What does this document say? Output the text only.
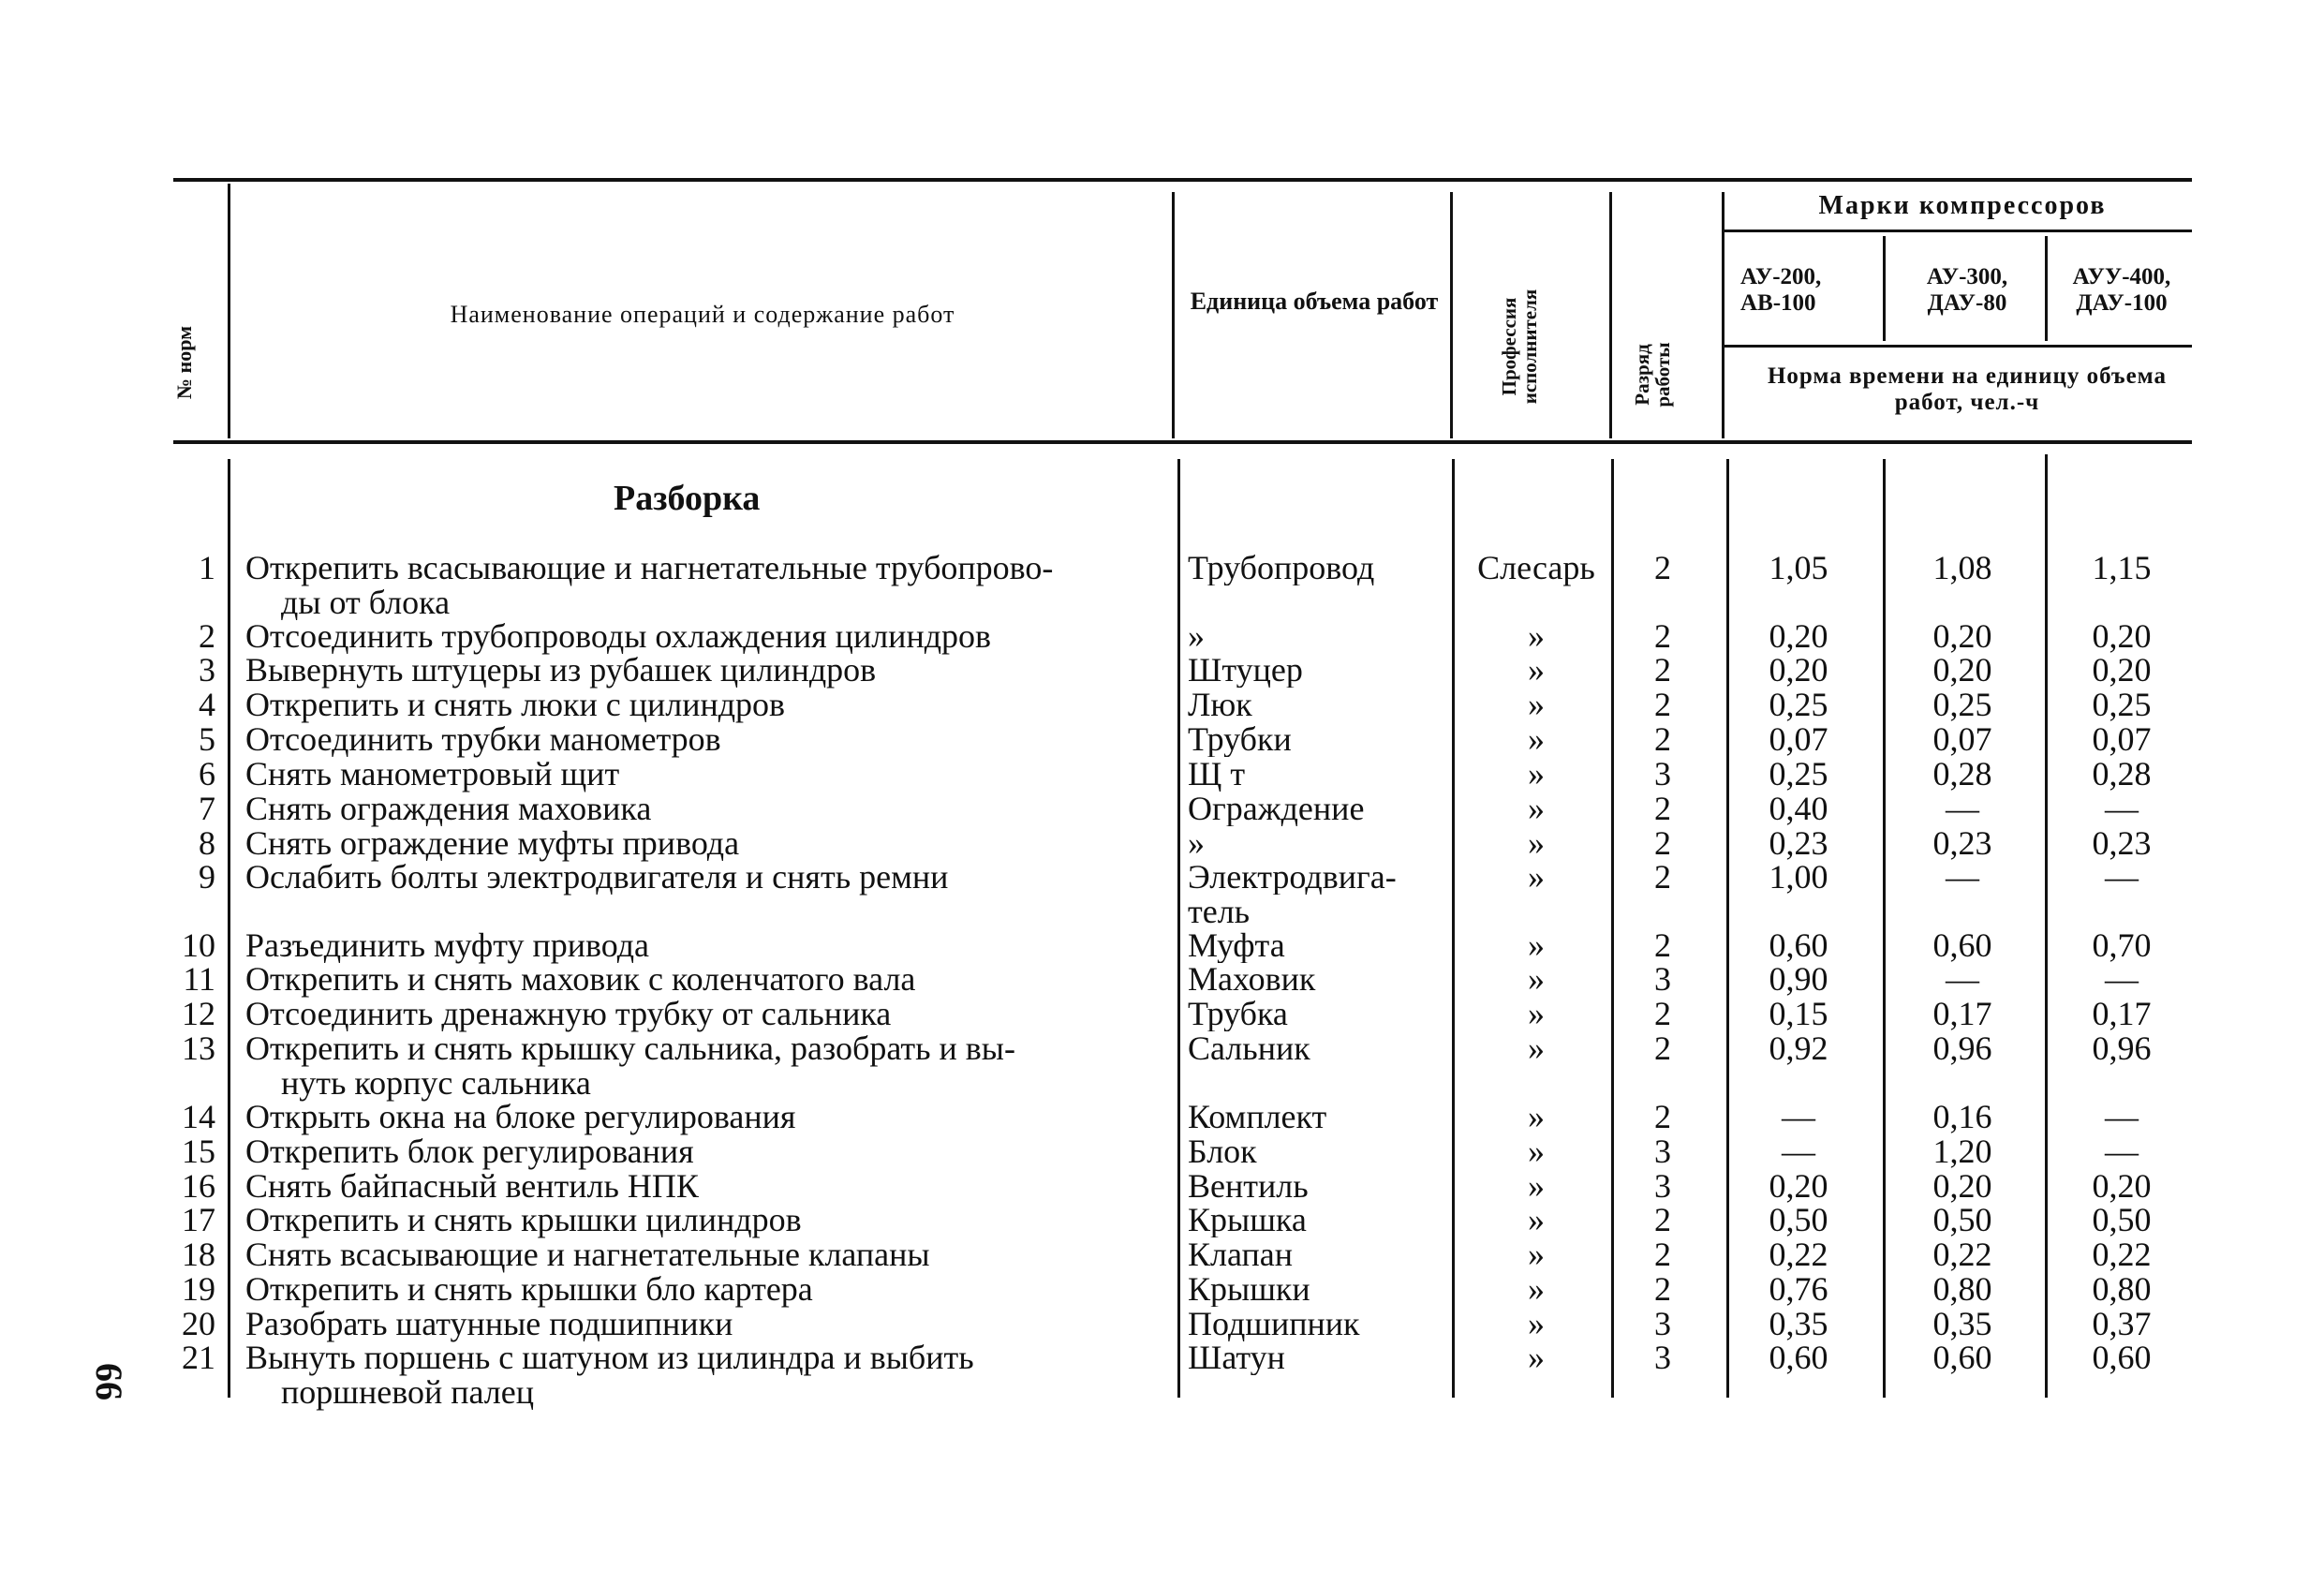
№ норм
Наименование операций и содержание работ	Единица объема работ	Профессия исполнителя	Разряд работы
Марки компрессоров
АУ-200, АВ-100
АУ-300, ДАУ-80
АУУ-400, ДАУ-100
Норма времени на единицу объема работ, чел.-ч
Разборка
1 Открепить всасывающие и нагнетательные трубопрово-	Трубопровод	Слесарь	2	1,05	1,08	1,15
ды от блока
2 Отсоединить трубопроводы охлаждения цилиндров	»	»	2	0,20	0,20	0,20
3 Вывернуть штуцеры из рубашек цилиндров	Штуцер	»	2	0,20	0,20	0,20
4 Открепить и снять люки с цилиндров	Люк	»	2	0,25	0,25	0,25
5 Отсоединить трубки манометров	Трубки	»	2	0,07	0,07	0,07
6 Снять манометровый щит	Щ т	»	3	0,25	0,28	0,28
7 Снять ограждения маховика	Ограждение	»	2	0,40	—	—
8 Снять ограждение муфты привода	»	»	2	0,23	0,23	0,23
9 Ослабить болты электродвигателя и снять ремни	Электродвига-	»	2	1,00	—	—
тель
10 Разъединить муфту привода	Муфта	»	2	0,60	0,60	0,70
11 Открепить и снять маховик с коленчатого вала	Маховик	»	3	0,90	—	—
12 Отсоединить дренажную трубку от сальника	Трубка	»	2	0,15	0,17	0,17
13 Открепить и снять крышку сальника, разобрать и вы-	Сальник	»	2	0,92	0,96	0,96
нуть корпус сальника
14 Открыть окна на блоке регулирования	Комплект	»	2	—	0,16	—
15 Открепить блок регулирования	Блок	»	3	—	1,20	—
16 Снять байпасный вентиль НПК	Вентиль	»	3	0,20	0,20	0,20
17 Открепить и снять крышки цилиндров	Крышка	»	2	0,50	0,50	0,50
18 Снять всасывающие и нагнетательные клапаны	Клапан	»	2	0,22	0,22	0,22
19 Открепить и снять крышки бло картера	Крышки	»	2	0,76	0,80	0,80
20 Разобрать шатунные подшипники	Подшипник	»	3	0,35	0,35	0,37
21 Вынуть поршень с шатуном из цилиндра и выбить	Шатун	»	3	0,60	0,60	0,60
поршневой палец
66
